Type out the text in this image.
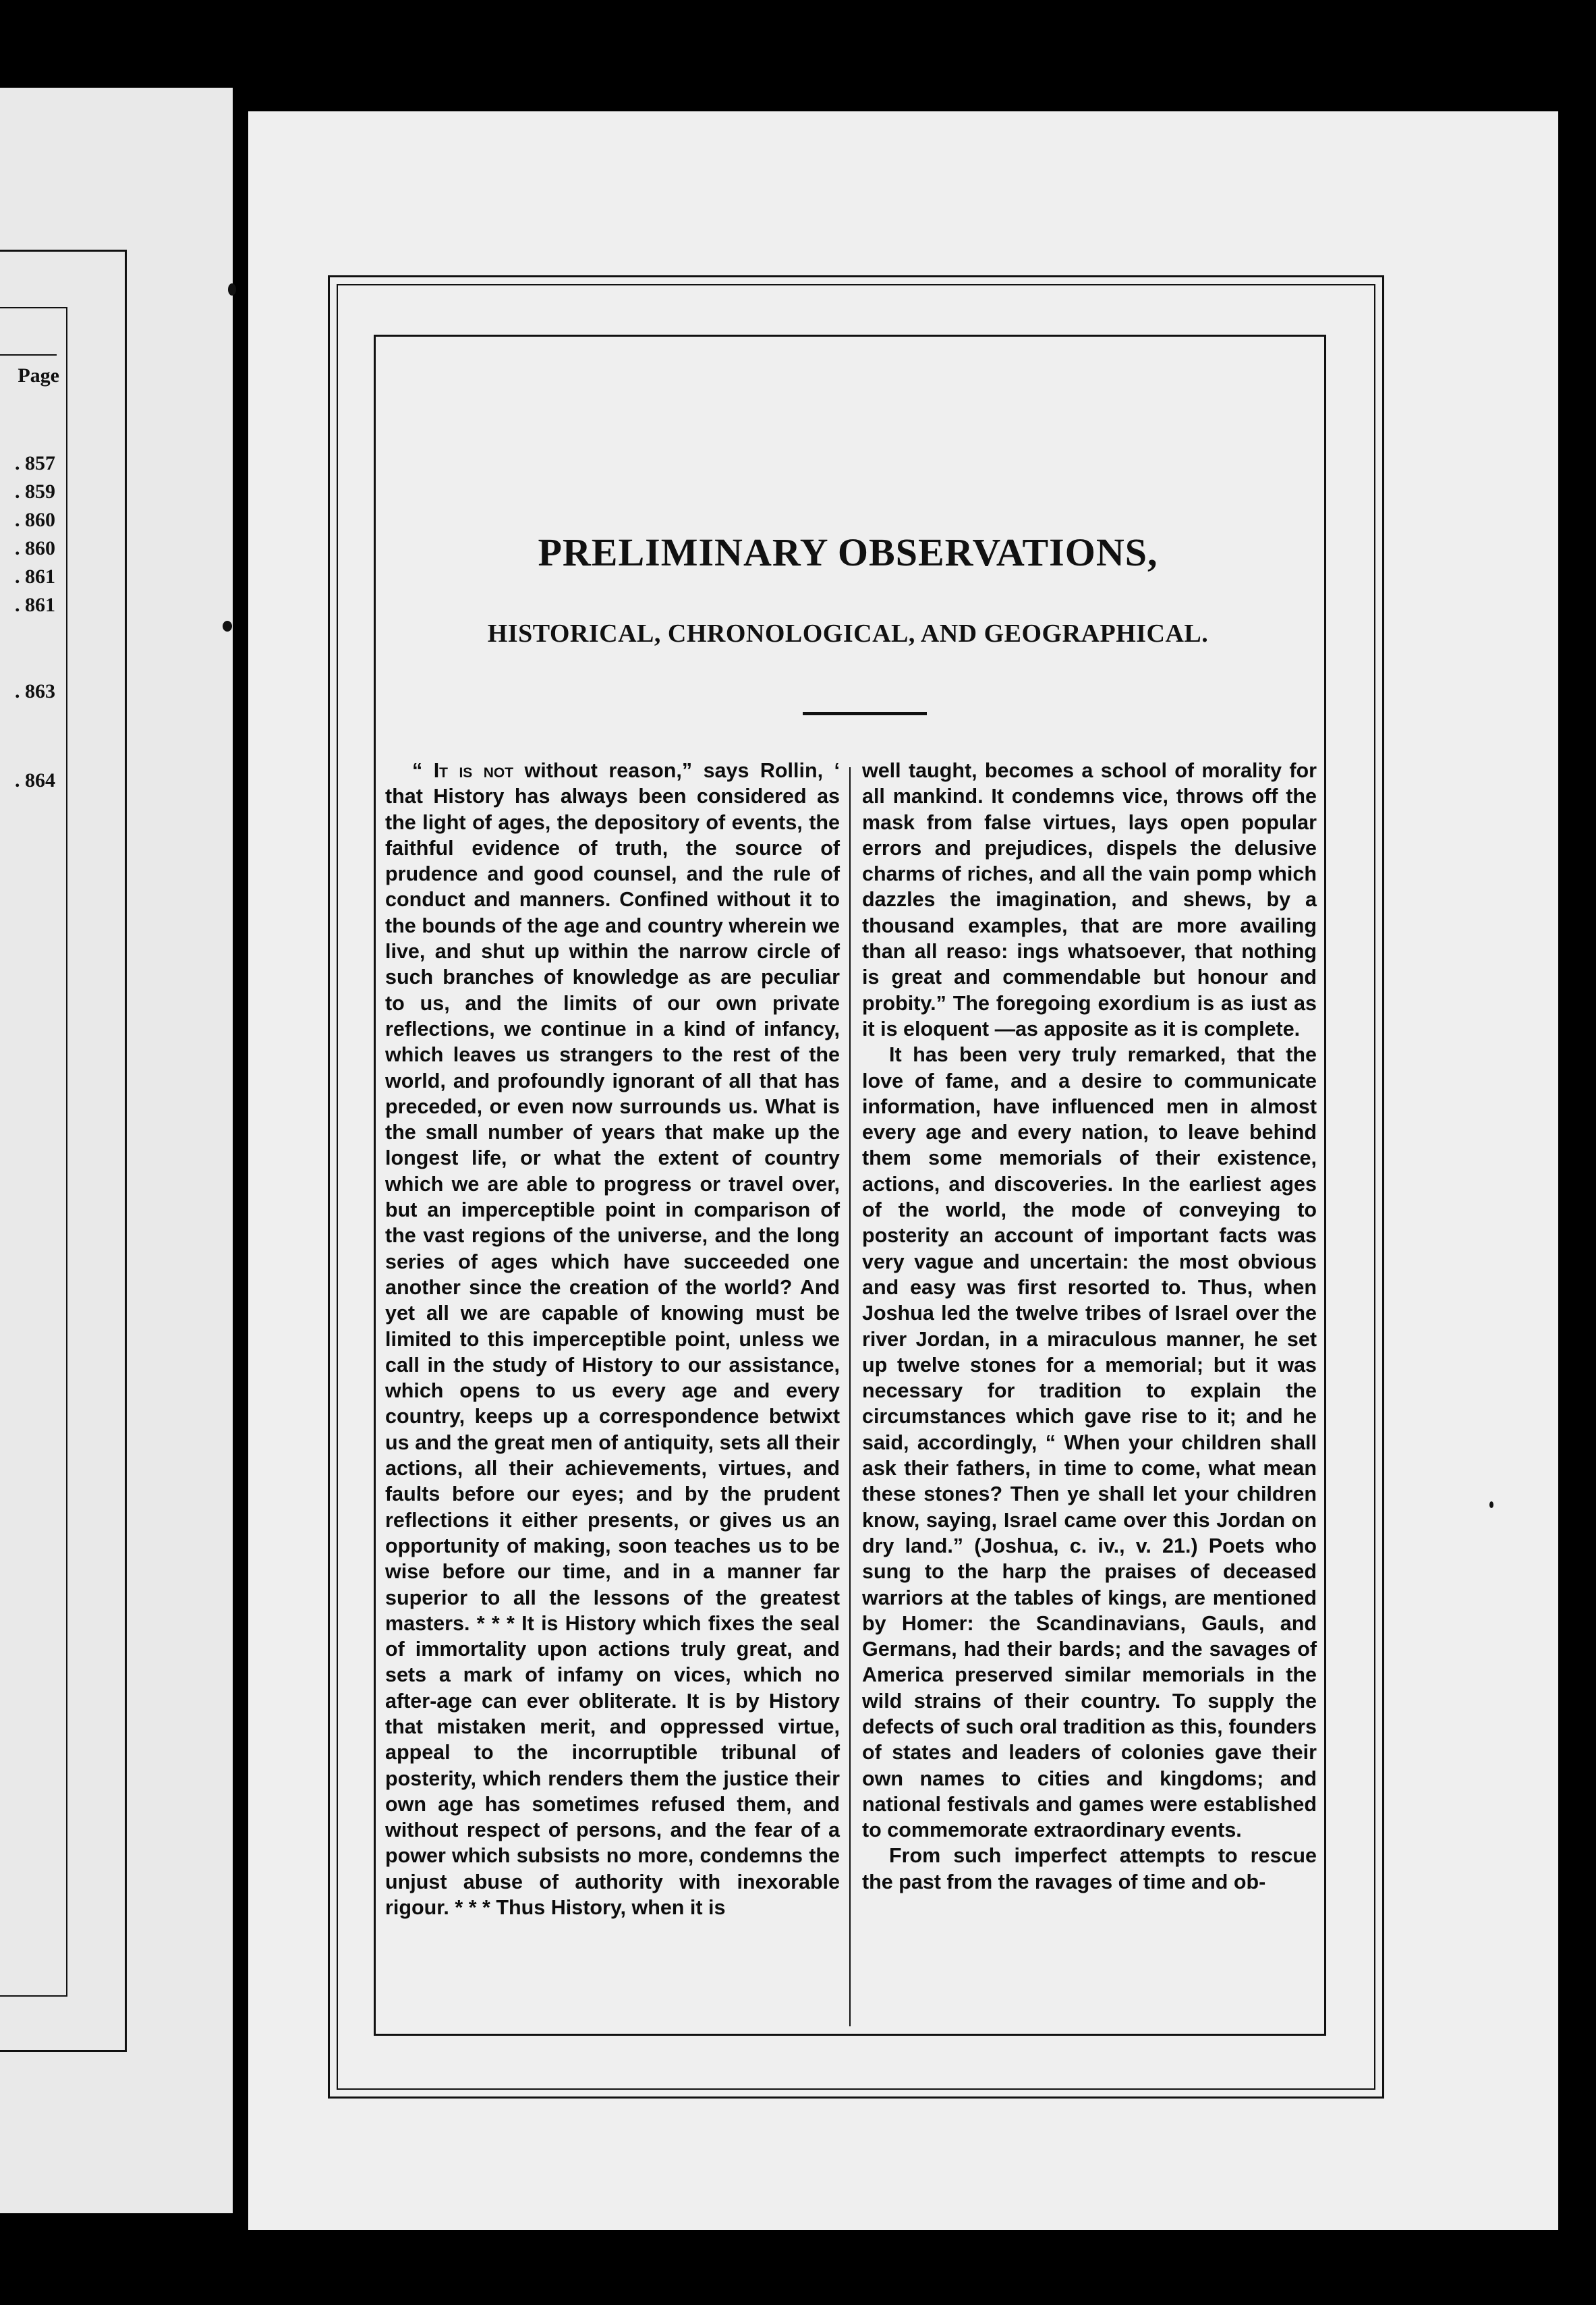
Page
. 857
. 859
. 860
. 860
. 861
. 861
. 863
. 864
PRELIMINARY OBSERVATIONS,
HISTORICAL, CHRONOLOGICAL, AND GEOGRAPHICAL.

“ It is not without reason,” says Rollin, ‘ that History has always been considered as the light of ages, the depository of events, the faithful evidence of truth, the source of prudence and good counsel, and the rule of conduct and manners. Confined without it to the bounds of the age and country wherein we live, and shut up within the narrow circle of such branches of knowledge as are peculiar to us, and the limits of our own private reflections, we continue in a kind of infancy, which leaves us strangers to the rest of the world, and profoundly ignorant of all that has preceded, or even now surrounds us. What is the small number of years that make up the longest life, or what the extent of country which we are able to progress or travel over, but an imperceptible point in comparison of the vast regions of the universe, and the long series of ages which have succeeded one another since the creation of the world? And yet all we are capable of knowing must be limited to this imperceptible point, unless we call in the study of History to our assistance, which opens to us every age and every country, keeps up a correspondence betwixt us and the great men of antiquity, sets all their actions, all their achievements, virtues, and faults before our eyes; and by the prudent reflections it either presents, or gives us an opportunity of making, soon teaches us to be wise before our time, and in a manner far superior to all the lessons of the greatest masters. * * * It is History which fixes the seal of immortality upon actions truly great, and sets a mark of infamy on vices, which no after-age can ever obliterate. It is by History that mistaken merit, and oppressed virtue, appeal to the incorruptible tribunal of posterity, which renders them the justice their own age has sometimes refused them, and without respect of persons, and the fear of a power which subsists no more, condemns the unjust abuse of authority with inexorable rigour. * * * Thus History, when it is

well taught, becomes a school of morality for all mankind. It condemns vice, throws off the mask from false virtues, lays open popular errors and prejudices, dispels the delusive charms of riches, and all the vain pomp which dazzles the imagination, and shews, by a thousand examples, that are more availing than all reaso: ings whatsoever, that nothing is great and commendable but honour and probity.” The foregoing exordium is as iust as it is eloquent —as apposite as it is complete.

It has been very truly remarked, that the love of fame, and a desire to communicate information, have influenced men in almost every age and every nation, to leave behind them some memorials of their existence, actions, and discoveries. In the earliest ages of the world, the mode of conveying to posterity an account of important facts was very vague and uncertain: the most obvious and easy was first resorted to. Thus, when Joshua led the twelve tribes of Israel over the river Jordan, in a miraculous manner, he set up twelve stones for a memorial; but it was necessary for tradition to explain the circumstances which gave rise to it; and he said, accordingly, “ When your children shall ask their fathers, in time to come, what mean these stones? Then ye shall let your children know, saying, Israel came over this Jordan on dry land.” (Joshua, c. iv., v. 21.) Poets who sung to the harp the praises of deceased warriors at the tables of kings, are mentioned by Homer: the Scandinavians, Gauls, and Germans, had their bards; and the savages of America preserved similar memorials in the wild strains of their country. To supply the defects of such oral tradition as this, founders of states and leaders of colonies gave their own names to cities and kingdoms; and national festivals and games were established to commemorate extraordinary events.

From such imperfect attempts to rescue the past from the ravages of time and ob-
